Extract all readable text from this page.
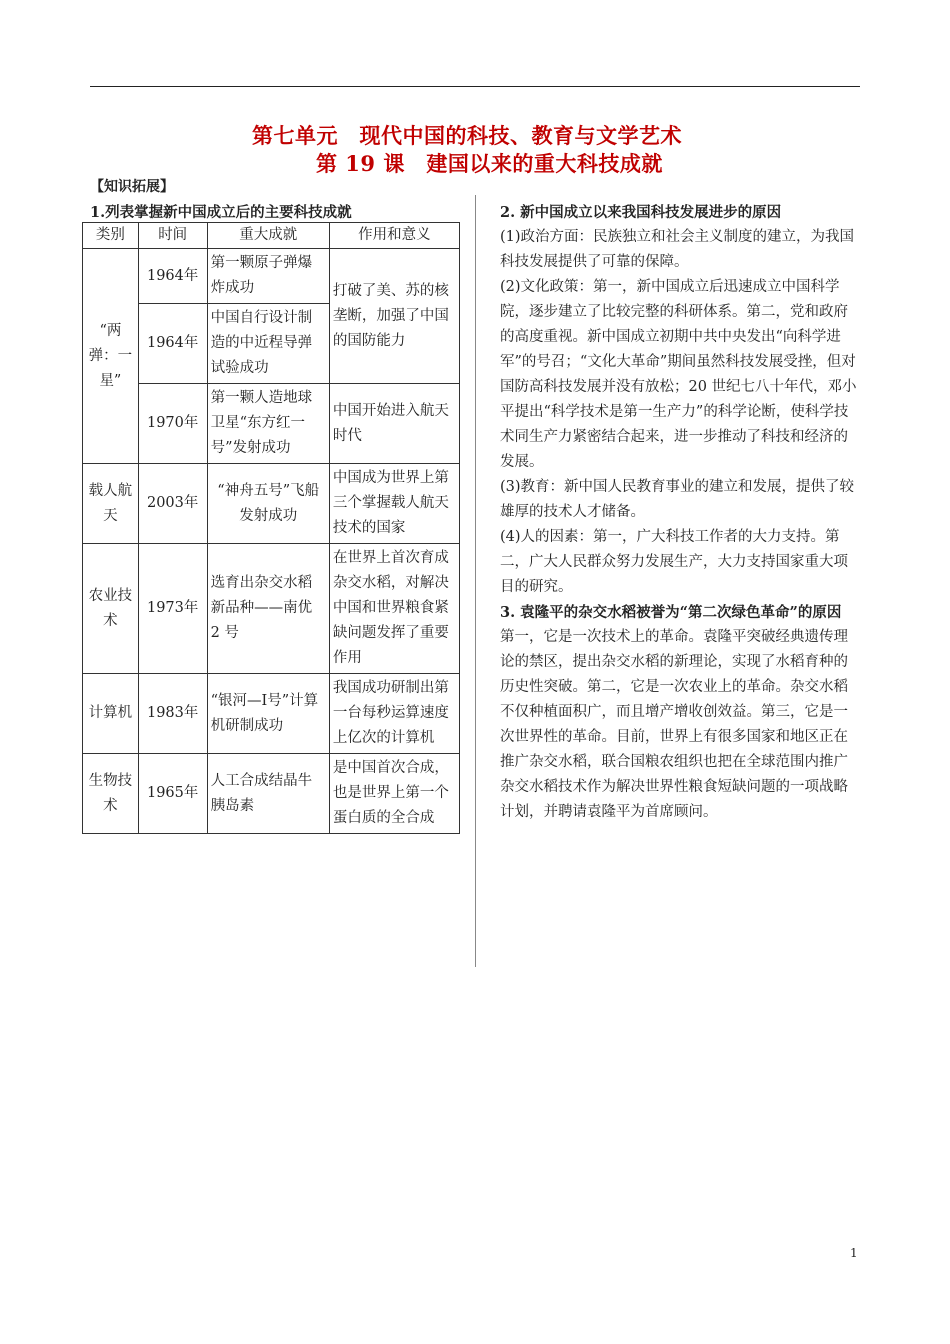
第七单元　现代中国的科技、教育与文学艺术
第 19 课　建国以来的重大科技成就
【知识拓展】
1.列表掌握新中国成立后的主要科技成就
类别	时间	重大成就	作用和意义
“两弹：一星”	1964年	第一颗原子弹爆炸成功	打破了美、苏的核垄断，加强了中国的国防能力
	1964年	中国自行设计制造的中近程导弹试验成功	
	1970年	第一颗人造地球卫星“东方红一号”发射成功	中国开始进入航天时代
载人航天	2003年	“神舟五号”飞船发射成功	中国成为世界上第三个掌握载人航天技术的国家
农业技术	1973年	选育出杂交水稻新品种——南优 2 号	在世界上首次育成杂交水稻，对解决中国和世界粮食紧缺问题发挥了重要作用
计算机	1983年	“银河—Ⅰ号”计算机研制成功	我国成功研制出第一台每秒运算速度上亿次的计算机
生物技术	1965年	人工合成结晶牛胰岛素	是中国首次合成，也是世界上第一个蛋白质的全合成

2. 新中国成立以来我国科技发展进步的原因

(1)政治方面：民族独立和社会主义制度的建立，为我国科技发展提供了可靠的保障。

(2)文化政策：第一，新中国成立后迅速成立中国科学院，逐步建立了比较完整的科研体系。第二，党和政府的高度重视。新中国成立初期中共中央发出“向科学进军”的号召；“文化大革命”期间虽然科技发展受挫，但对国防高科技发展并没有放松；20 世纪七八十年代，邓小平提出“科学技术是第一生产力”的科学论断，使科学技术同生产力紧密结合起来，进一步推动了科技和经济的发展。

(3)教育：新中国人民教育事业的建立和发展，提供了较雄厚的技术人才储备。

(4)人的因素：第一，广大科技工作者的大力支持。第二，广大人民群众努力发展生产，大力支持国家重大项目的研究。

3. 袁隆平的杂交水稻被誉为“第二次绿色革命”的原因

第一，它是一次技术上的革命。袁隆平突破经典遗传理论的禁区，提出杂交水稻的新理论，实现了水稻育种的历史性突破。第二，它是一次农业上的革命。杂交水稻不仅种植面积广，而且增产增收创效益。第三，它是一次世界性的革命。目前，世界上有很多国家和地区正在推广杂交水稻，联合国粮农组织也把在全球范围内推广杂交水稻技术作为解决世界性粮食短缺问题的一项战略计划，并聘请袁隆平为首席顾问。

1
